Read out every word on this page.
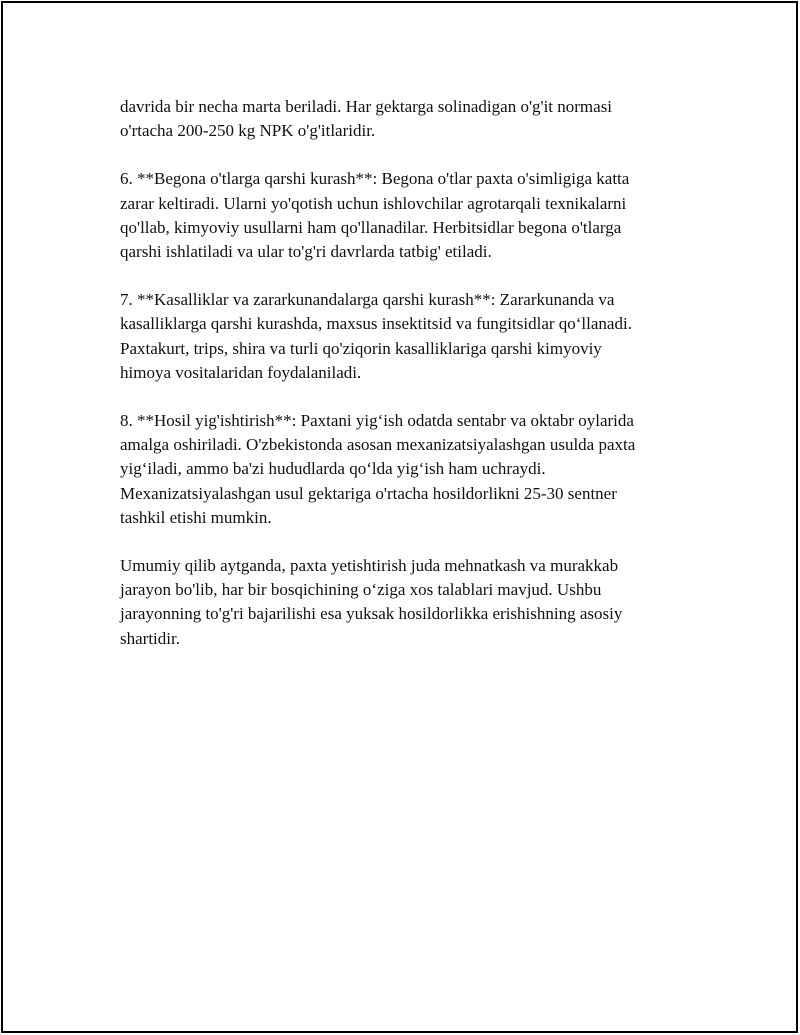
davrida bir necha marta beriladi. Har gektarga solinadigan o'g'it normasi
o'rtacha 200-250 kg NPK o'g'itlaridir.

6. **Begona o'tlarga qarshi kurash**: Begona o'tlar paxta o'simligiga katta
zarar keltiradi. Ularni yo'qotish uchun ishlovchilar agrotarqali texnikalarni
qo'llab, kimyoviy usullarni ham qo'llanadilar. Herbitsidlar begona o'tlarga
qarshi ishlatiladi va ular to'g'ri davrlarda tatbig' etiladi.

7. **Kasalliklar va zararkunandalarga qarshi kurash**: Zararkunanda va
kasalliklarga qarshi kurashda, maxsus insektitsid va fungitsidlar qo‘llanadi.
Paxtakurt, trips, shira va turli qo'ziqorin kasalliklariga qarshi kimyoviy
himoya vositalaridan foydalaniladi.

8. **Hosil yig'ishtirish**: Paxtani yig‘ish odatda sentabr va oktabr oylarida
amalga oshiriladi. O'zbekistonda asosan mexanizatsiyalashgan usulda paxta
yig‘iladi, ammo ba'zi hududlarda qo‘lda yig‘ish ham uchraydi.
Mexanizatsiyalashgan usul gektariga o'rtacha hosildorlikni 25-30 sentner
tashkil etishi mumkin.

Umumiy qilib aytganda, paxta yetishtirish juda mehnatkash va murakkab
jarayon bo'lib, har bir bosqichining o‘ziga xos talablari mavjud. Ushbu
jarayonning to'g'ri bajarilishi esa yuksak hosildorlikka erishishning asosiy
shartidir.
